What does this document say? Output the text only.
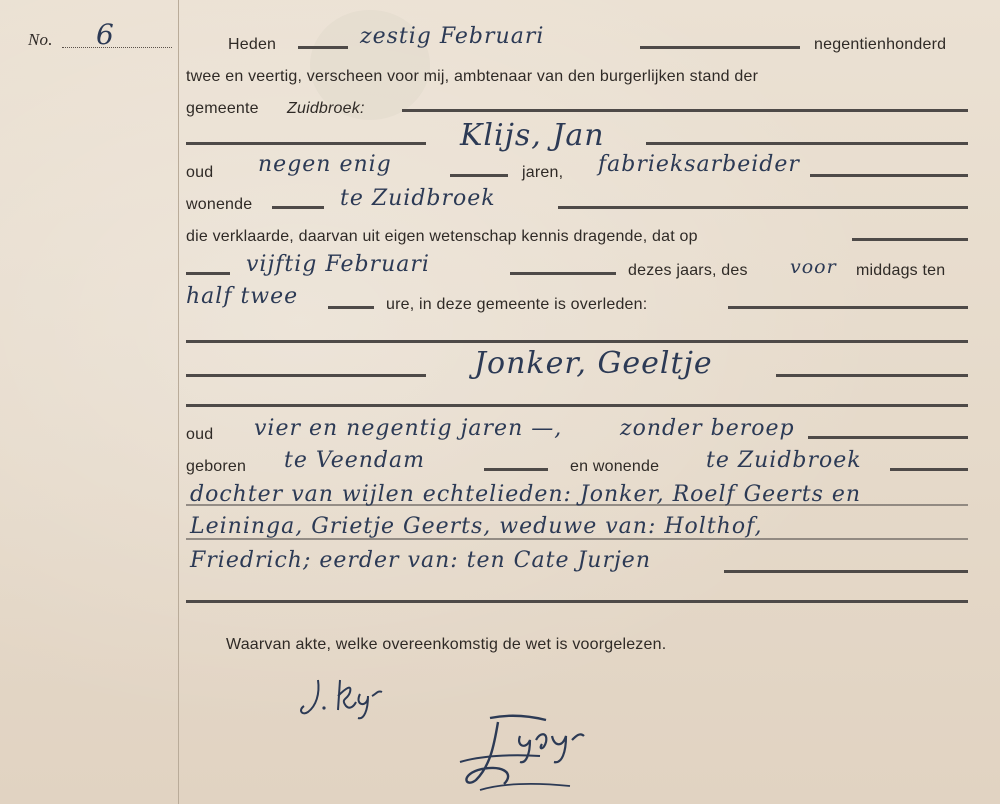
No. 6	Heden	zestig Februari	negentienhonderd
twee en veertig, verscheen voor mij, ambtenaar van den burgerlijken stand der
gemeente Zuidbroek:
Klijs, Jan
oud negen enig	jaren, fabrieksarbeider
wonende	te Zuidbroek
die verklaarde, daarvan uit eigen wetenschap kennis dragende, dat op
vijftig Februari	dezes jaars, des voor middags ten
half twee	ure, in deze gemeente is overleden:
Jonker, Geeltje
oud vier en negentig jaren —,	zonder beroep
geboren te Veendam	en wonende te Zuidbroek
dochter van wijlen echtelieden: Jonker, Roelf Geerts en
Leininga, Grietje Geerts, weduwe van: Holthof,
Friedrich; eerder van: ten Cate Jurjen
Waarvan akte, welke overeenkomstig de wet is voorgelezen.
